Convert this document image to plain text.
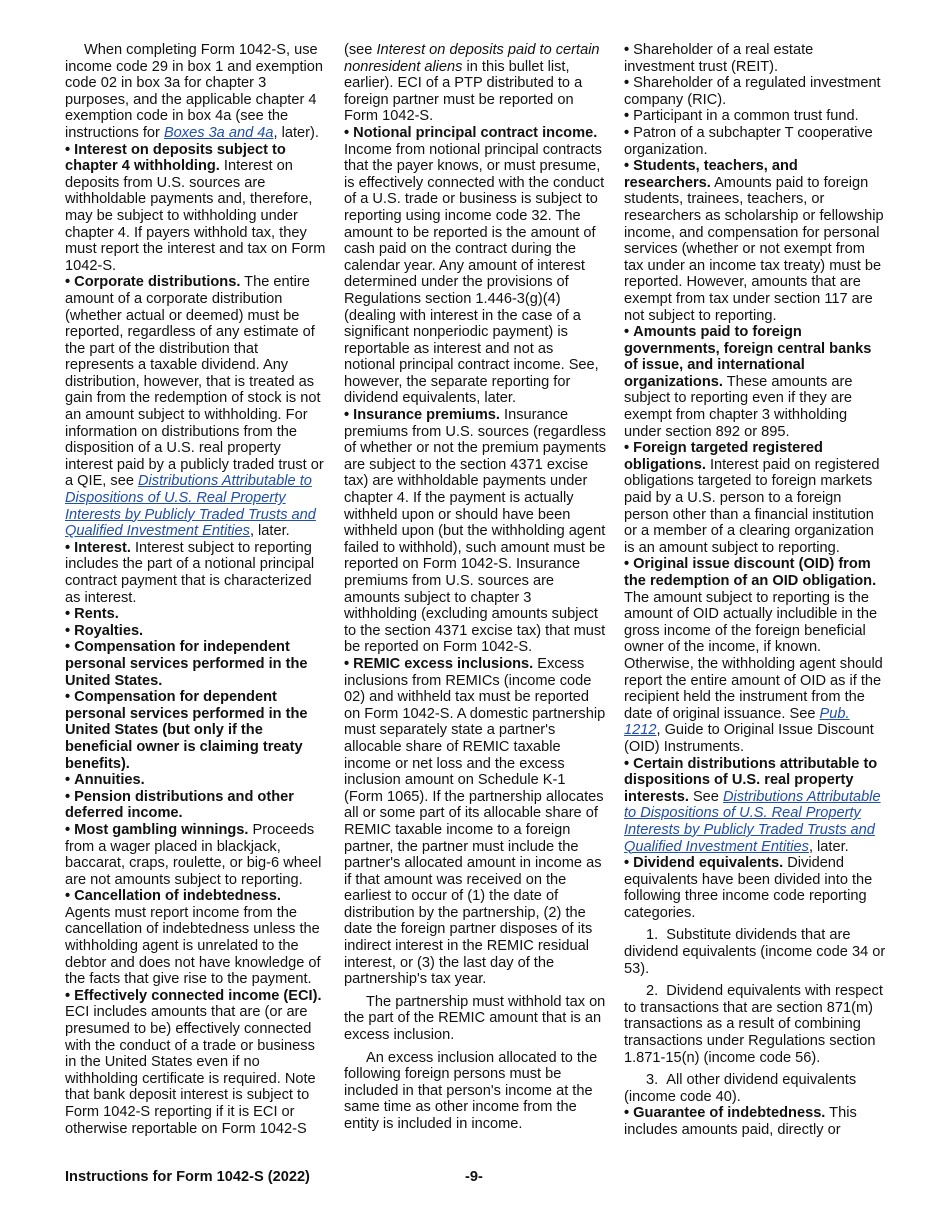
When completing Form 1042-S, use income code 29 in box 1 and exemption code 02 in box 3a for chapter 3 purposes, and the applicable chapter 4 exemption code in box 4a (see the instructions for Boxes 3a and 4a, later).

• Interest on deposits subject to chapter 4 withholding. Interest on deposits from U.S. sources are withholdable payments and, therefore, may be subject to withholding under chapter 4. If payers withhold tax, they must report the interest and tax on Form 1042-S.

• Corporate distributions. The entire amount of a corporate distribution (whether actual or deemed) must be reported, regardless of any estimate of the part of the distribution that represents a taxable dividend. Any distribution, however, that is treated as gain from the redemption of stock is not an amount subject to withholding. For information on distributions from the disposition of a U.S. real property interest paid by a publicly traded trust or a QIE, see Distributions Attributable to Dispositions of U.S. Real Property Interests by Publicly Traded Trusts and Qualified Investment Entities, later.

• Interest. Interest subject to reporting includes the part of a notional principal contract payment that is characterized as interest.

• Rents.

• Royalties.

• Compensation for independent personal services performed in the United States.

• Compensation for dependent personal services performed in the United States (but only if the beneficial owner is claiming treaty benefits).

• Annuities.

• Pension distributions and other deferred income.

• Most gambling winnings. Proceeds from a wager placed in blackjack, baccarat, craps, roulette, or big-6 wheel are not amounts subject to reporting.

• Cancellation of indebtedness. Agents must report income from the cancellation of indebtedness unless the withholding agent is unrelated to the debtor and does not have knowledge of the facts that give rise to the payment.

• Effectively connected income (ECI). ECI includes amounts that are (or are presumed to be) effectively connected with the conduct of a trade or business in the United States even if no withholding certificate is required. Note that bank deposit interest is subject to Form 1042-S reporting if it is ECI or otherwise reportable on Form 1042-S

(see Interest on deposits paid to certain nonresident aliens in this bullet list, earlier). ECI of a PTP distributed to a foreign partner must be reported on Form 1042-S.

• Notional principal contract income. Income from notional principal contracts that the payer knows, or must presume, is effectively connected with the conduct of a U.S. trade or business is subject to reporting using income code 32. The amount to be reported is the amount of cash paid on the contract during the calendar year. Any amount of interest determined under the provisions of Regulations section 1.446-3(g)(4) (dealing with interest in the case of a significant nonperiodic payment) is reportable as interest and not as notional principal contract income. See, however, the separate reporting for dividend equivalents, later.

• Insurance premiums. Insurance premiums from U.S. sources (regardless of whether or not the premium payments are subject to the section 4371 excise tax) are withholdable payments under chapter 4. If the payment is actually withheld upon or should have been withheld upon (but the withholding agent failed to withhold), such amount must be reported on Form 1042-S. Insurance premiums from U.S. sources are amounts subject to chapter 3 withholding (excluding amounts subject to the section 4371 excise tax) that must be reported on Form 1042-S.

• REMIC excess inclusions. Excess inclusions from REMICs (income code 02) and withheld tax must be reported on Form 1042-S. A domestic partnership must separately state a partner's allocable share of REMIC taxable income or net loss and the excess inclusion amount on Schedule K-1 (Form 1065). If the partnership allocates all or some part of its allocable share of REMIC taxable income to a foreign partner, the partner must include the partner's allocated amount in income as if that amount was received on the earliest to occur of (1) the date of distribution by the partnership, (2) the date the foreign partner disposes of its indirect interest in the REMIC residual interest, or (3) the last day of the partnership's tax year.

The partnership must withhold tax on the part of the REMIC amount that is an excess inclusion.

An excess inclusion allocated to the following foreign persons must be included in that person's income at the same time as other income from the entity is included in income.

• Shareholder of a real estate investment trust (REIT).

• Shareholder of a regulated investment company (RIC).

• Participant in a common trust fund.

• Patron of a subchapter T cooperative organization.

• Students, teachers, and researchers. Amounts paid to foreign students, trainees, teachers, or researchers as scholarship or fellowship income, and compensation for personal services (whether or not exempt from tax under an income tax treaty) must be reported. However, amounts that are exempt from tax under section 117 are not subject to reporting.

• Amounts paid to foreign governments, foreign central banks of issue, and international organizations. These amounts are subject to reporting even if they are exempt from chapter 3 withholding under section 892 or 895.

• Foreign targeted registered obligations. Interest paid on registered obligations targeted to foreign markets paid by a U.S. person to a foreign person other than a financial institution or a member of a clearing organization is an amount subject to reporting.

• Original issue discount (OID) from the redemption of an OID obligation. The amount subject to reporting is the amount of OID actually includible in the gross income of the foreign beneficial owner of the income, if known. Otherwise, the withholding agent should report the entire amount of OID as if the recipient held the instrument from the date of original issuance. See Pub. 1212, Guide to Original Issue Discount (OID) Instruments.

• Certain distributions attributable to dispositions of U.S. real property interests. See Distributions Attributable to Dispositions of U.S. Real Property Interests by Publicly Traded Trusts and Qualified Investment Entities, later.

• Dividend equivalents. Dividend equivalents have been divided into the following three income code reporting categories.

1.  Substitute dividends that are dividend equivalents (income code 34 or 53).

2.  Dividend equivalents with respect to transactions that are section 871(m) transactions as a result of combining transactions under Regulations section 1.871-15(n) (income code 56).

3.  All other dividend equivalents (income code 40).

• Guarantee of indebtedness. This includes amounts paid, directly or

Instructions for Form 1042-S (2022)	-9-
